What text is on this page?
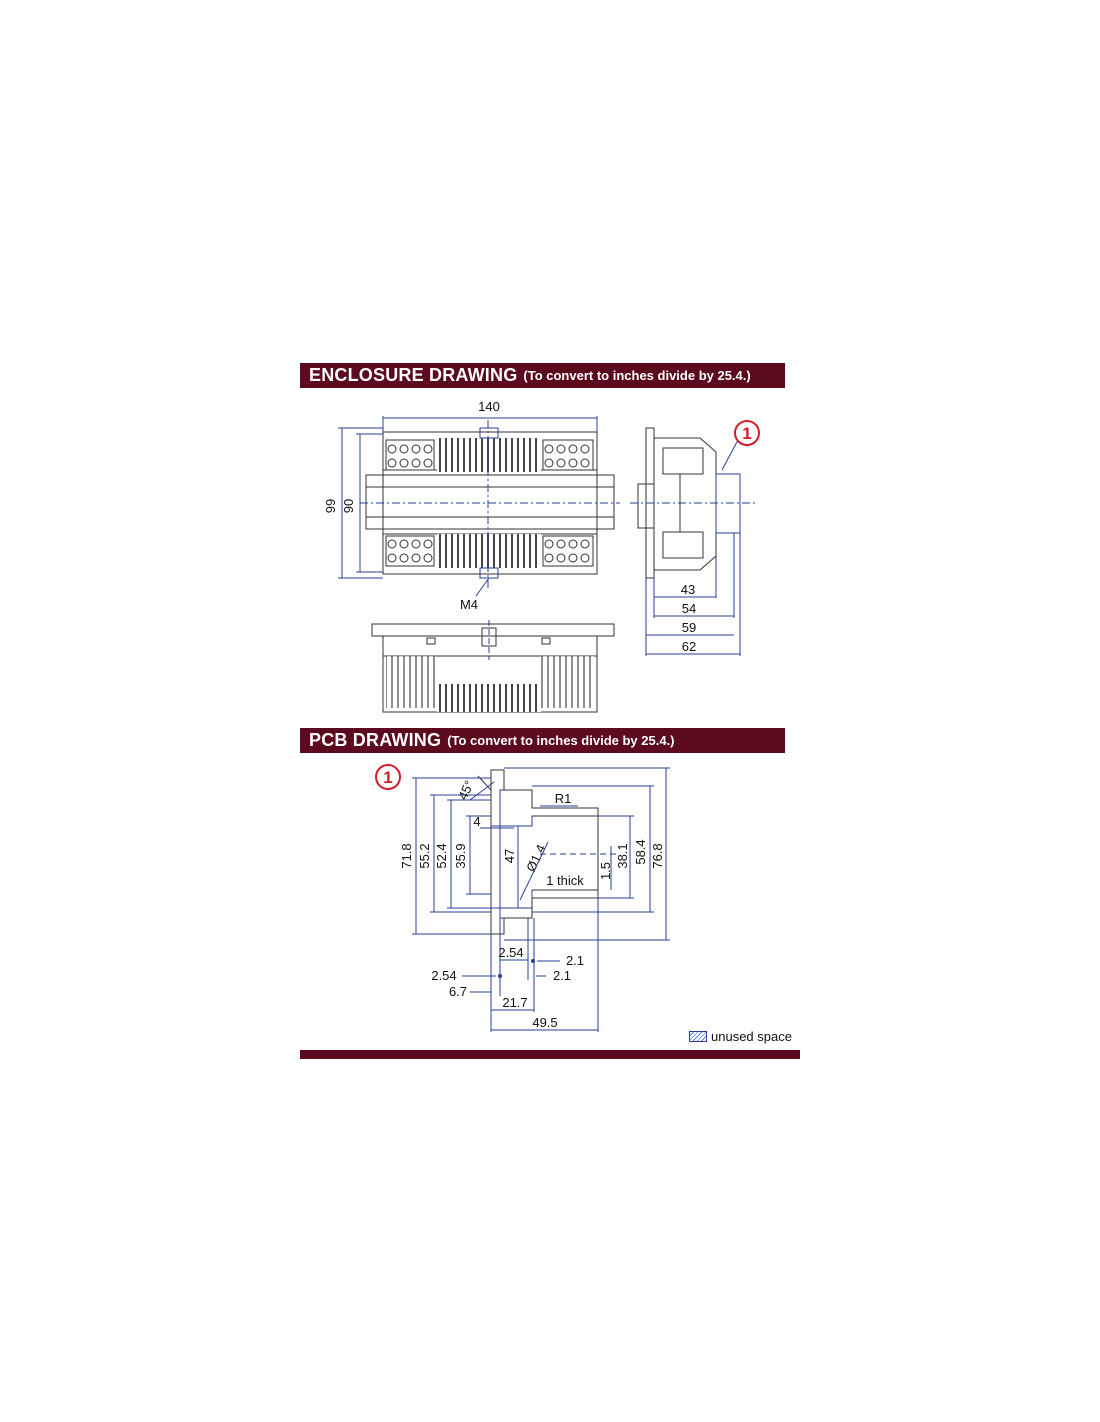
ENCLOSURE DRAWING (To convert to inches divide by 25.4.)
PCB DRAWING (To convert to inches divide by 25.4.)
unused space
140
99 90
M4
1
43
54
59
62
1
71.8 55.2 52.4 35.9	47
4
45°	R1
Ø1.4
1 thick
1.5
38.1 58.4 76.8
2.54
2.1
2.54	2.1
6.7
21.7
49.5
